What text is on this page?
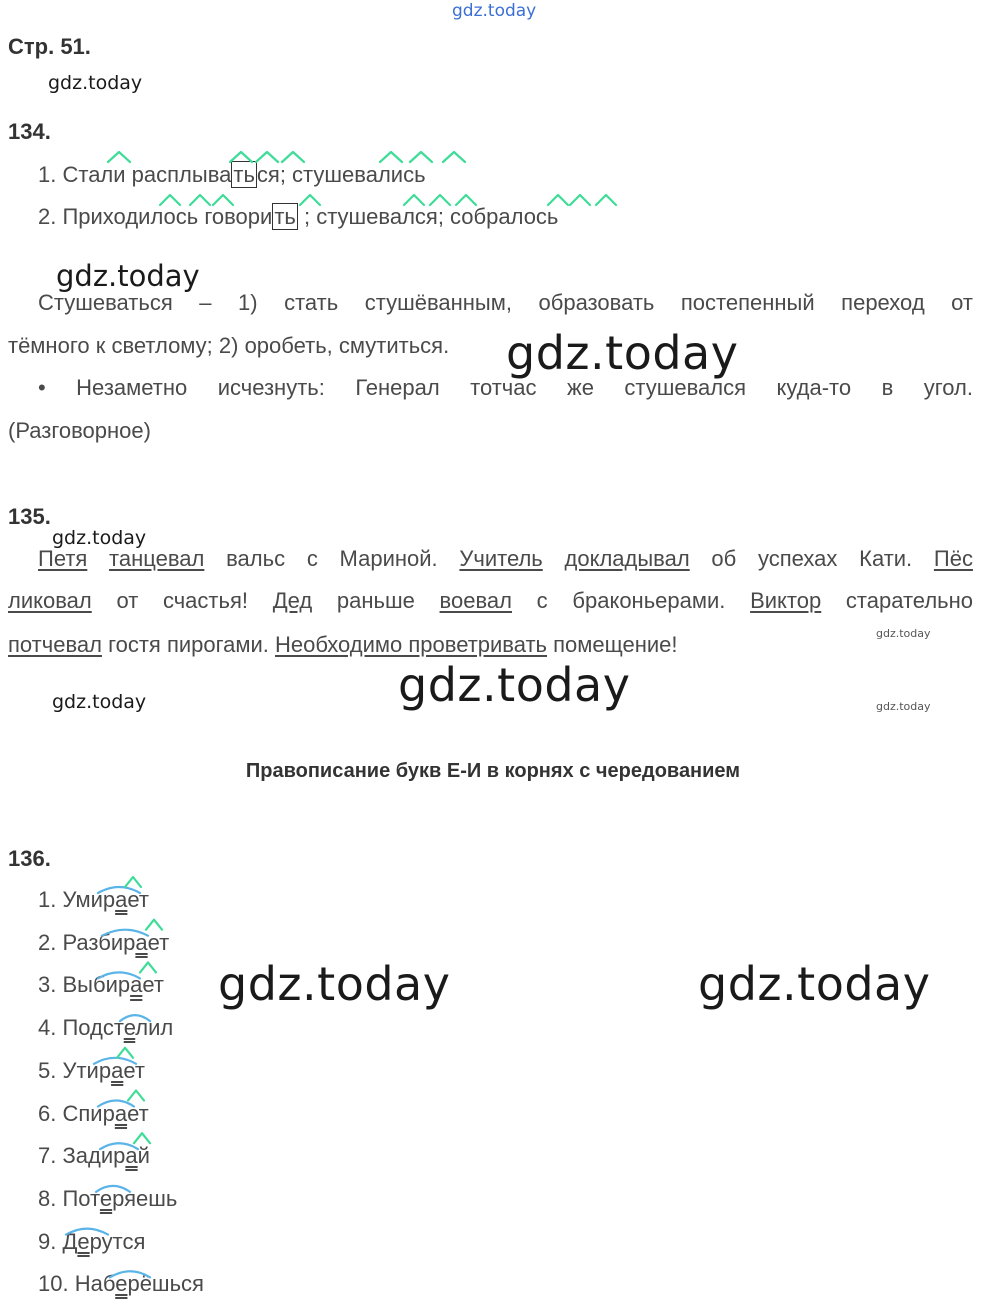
gdz.today
gdz.today
gdz.today
gdz.today
gdz.today
gdz.today
gdz.today
gdz.today	gdz.today
gdz.today	gdz.today
Стр. 51.
134.
1. Стали расплываться; стушевались
2. Приходилось говорить ; стушевался; собралось
Стушеваться – 1) стать стушёванным, образовать постепенный переход от
тёмного к светлому; 2) оробеть, смутиться.
• Незаметно исчезнуть: Генерал тотчас же стушевался куда-то в угол.
(Разговорное)
135.
Петя танцевал вальс с Мариной. Учитель докладывал об успехах Кати. Пёс
ликовал от счастья! Дед раньше воевал с браконьерами. Виктор старательно
потчевал гостя пирогами. Необходимо проветривать помещение!
Правописание букв Е-И в корнях с чередованием
136.
1. Умирает
2. Разбирает
3. Выбирает
4. Подстелил
5. Утирает
6. Спирает
7. Задирай
8. Потеряешь
9. Дерутся
10. Наберёшься
